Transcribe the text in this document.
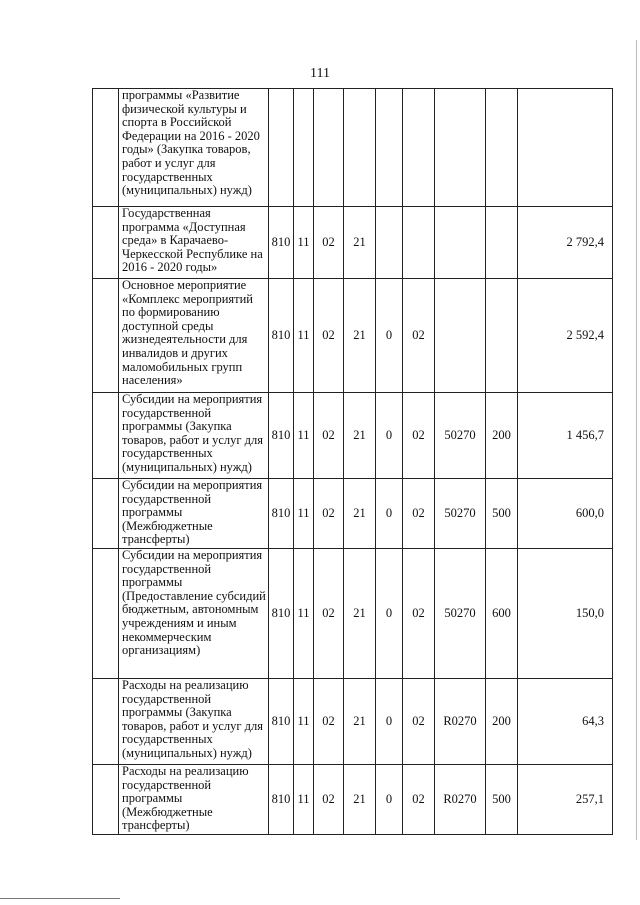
111
	программы «Развитие физической культуры и спорта в Российской Федерации на 2016 - 2020 годы» (Закупка товаров, работ и услуг для государственных (муниципальных) нужд)									
	Государственная программа «Доступная среда» в Карачаево-Черкесской Республике на 2016 - 2020 годы»	810	11	02	21					2 792,4
	Основное мероприятие «Комплекс мероприятий по формированию доступной среды жизнедеятельности для инвалидов и других маломобильных групп населения»	810	11	02	21	0	02			2 592,4
	Субсидии на мероприятия государственной программы (Закупка товаров, работ и услуг для государственных (муниципальных) нужд)	810	11	02	21	0	02	50270	200	1 456,7
	Субсидии на мероприятия государственной программы (Межбюджетные трансферты)	810	11	02	21	0	02	50270	500	600,0
	Субсидии на мероприятия государственной программы (Предоставление субсидий бюджетным, автономным учреждениям и иным некоммерческим организациям)	810	11	02	21	0	02	50270	600	150,0
	Расходы на реализацию государственной программы (Закупка товаров, работ и услуг для государственных (муниципальных) нужд)	810	11	02	21	0	02	R0270	200	64,3
	Расходы на реализацию государственной программы (Межбюджетные трансферты)	810	11	02	21	0	02	R0270	500	257,1
